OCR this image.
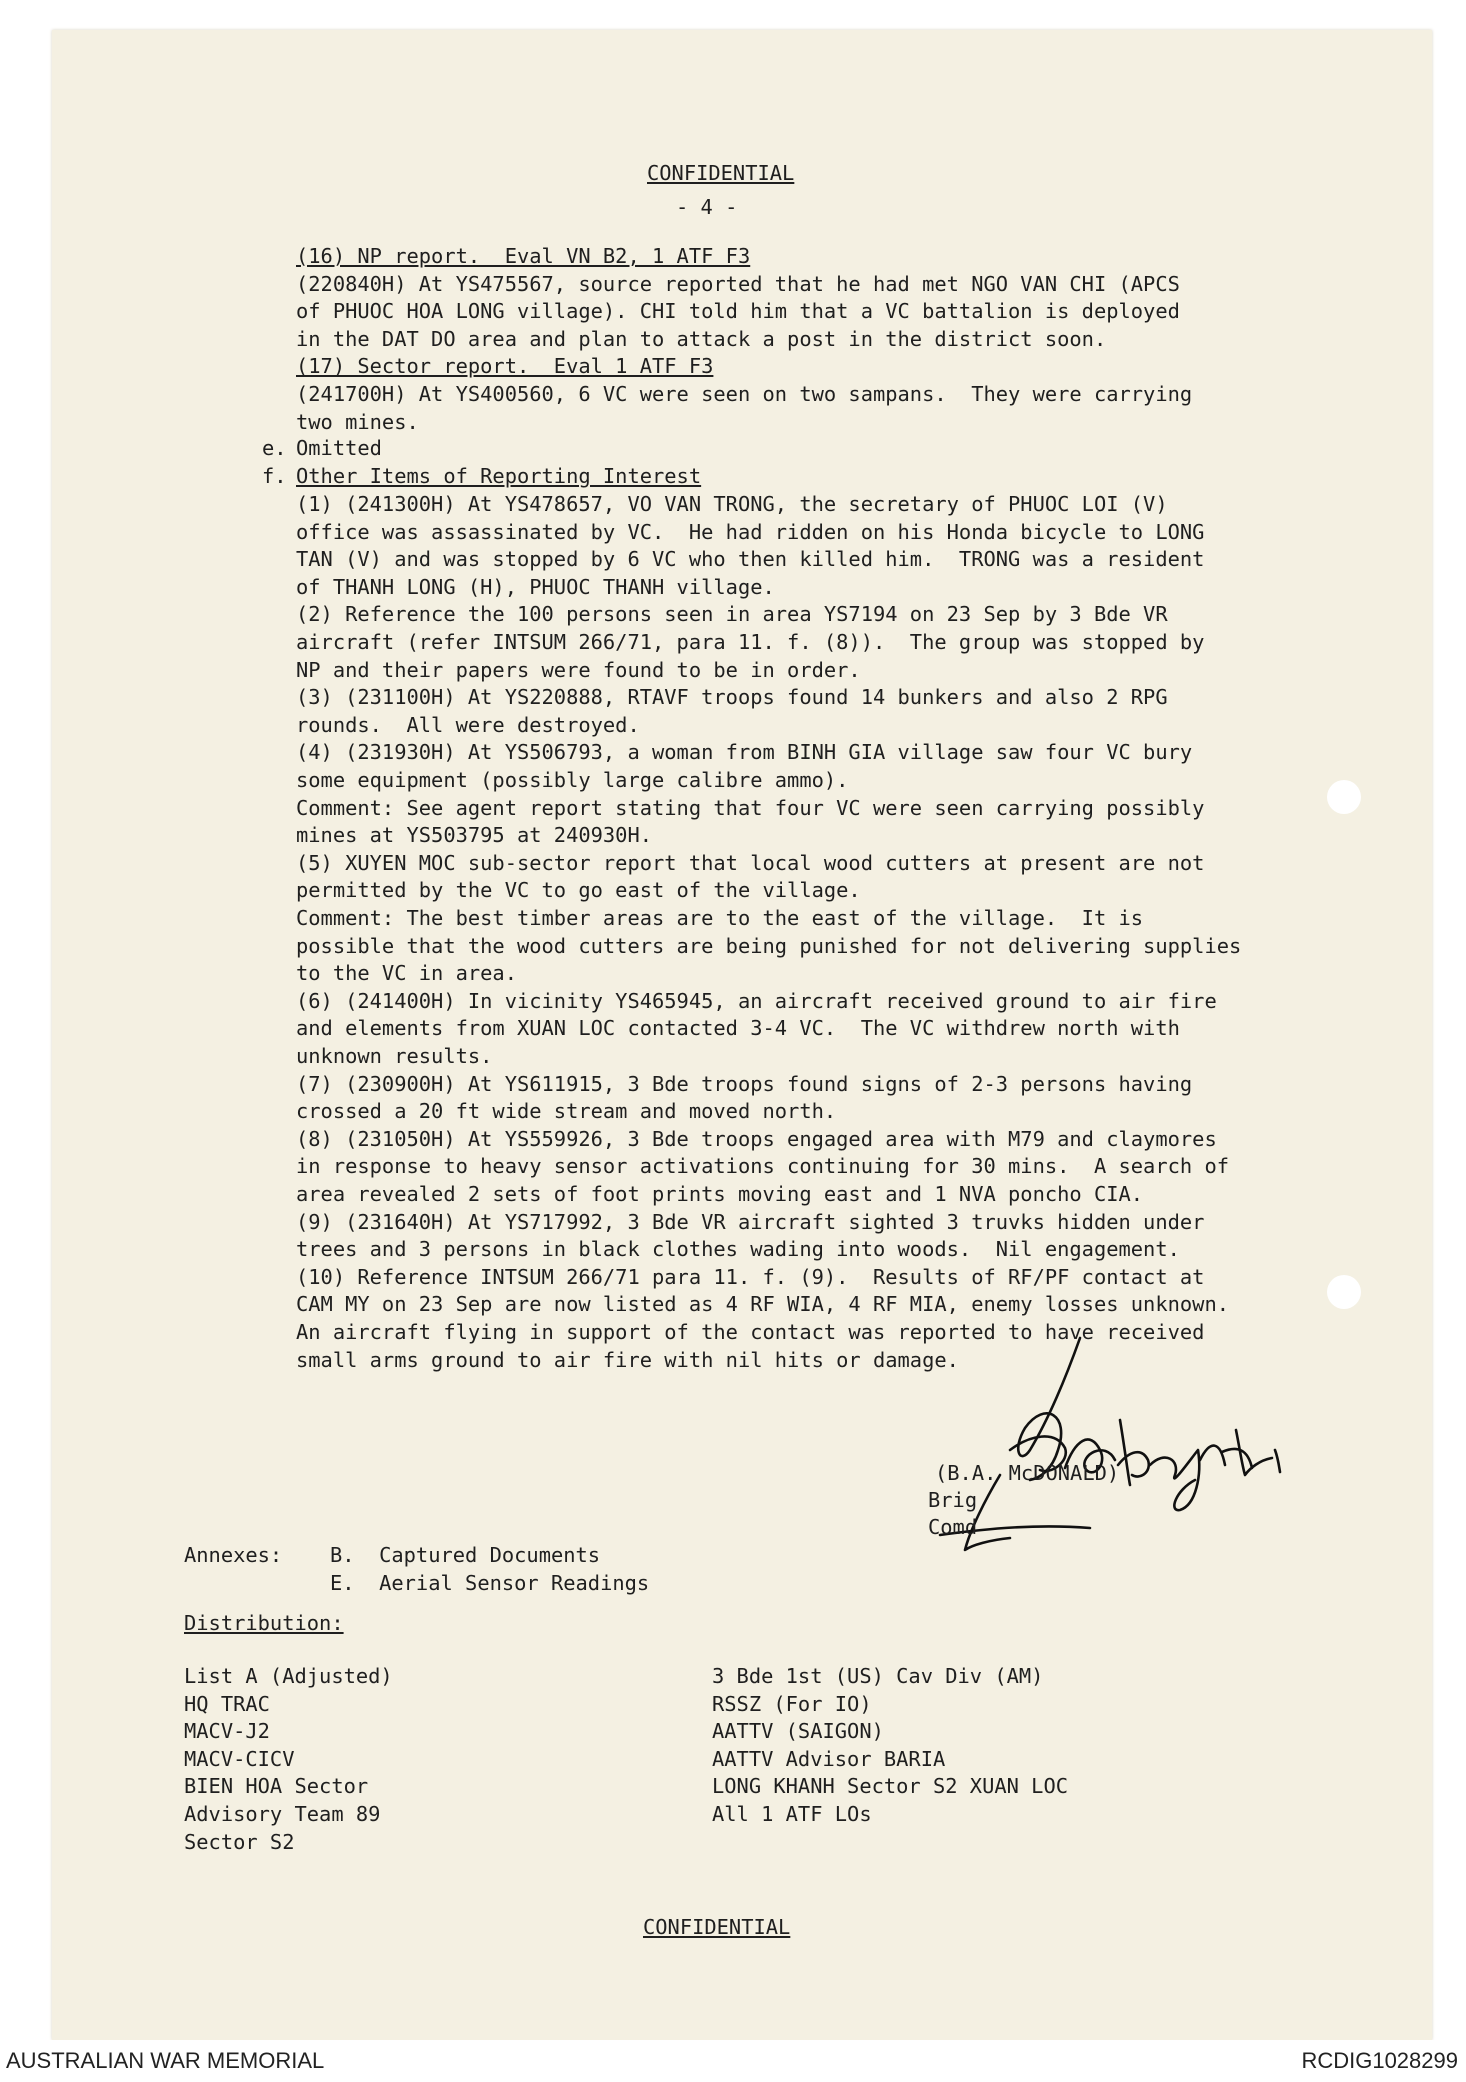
CONFIDENTIAL

- 4 -

(16) NP report.  Eval VN B2, 1 ATF F3

(220840H) At YS475567, source reported that he had met NGO VAN CHI (APCS

of PHUOC HOA LONG village). CHI told him that a VC battalion is deployed

in the DAT DO area and plan to attack a post in the district soon.

(17) Sector report.  Eval 1 ATF F3

(241700H) At YS400560, 6 VC were seen on two sampans.  They were carrying

two mines.

e. Omitted

f. Other Items of Reporting Interest

(1) (241300H) At YS478657, VO VAN TRONG, the secretary of PHUOC LOI (V)

office was assassinated by VC.  He had ridden on his Honda bicycle to LONG

TAN (V) and was stopped by 6 VC who then killed him.  TRONG was a resident

of THANH LONG (H), PHUOC THANH village.

(2) Reference the 100 persons seen in area YS7194 on 23 Sep by 3 Bde VR

aircraft (refer INTSUM 266/71, para 11. f. (8)).  The group was stopped by

NP and their papers were found to be in order.

(3) (231100H) At YS220888, RTAVF troops found 14 bunkers and also 2 RPG

rounds.  All were destroyed.

(4) (231930H) At YS506793, a woman from BINH GIA village saw four VC bury

some equipment (possibly large calibre ammo).

Comment: See agent report stating that four VC were seen carrying possibly

mines at YS503795 at 240930H.

(5) XUYEN MOC sub-sector report that local wood cutters at present are not

permitted by the VC to go east of the village.

Comment: The best timber areas are to the east of the village.  It is

possible that the wood cutters are being punished for not delivering supplies

to the VC in area.

(6) (241400H) In vicinity YS465945, an aircraft received ground to air fire

and elements from XUAN LOC contacted 3-4 VC.  The VC withdrew north with

unknown results.

(7) (230900H) At YS611915, 3 Bde troops found signs of 2-3 persons having

crossed a 20 ft wide stream and moved north.

(8) (231050H) At YS559926, 3 Bde troops engaged area with M79 and claymores

in response to heavy sensor activations continuing for 30 mins.  A search of

area revealed 2 sets of foot prints moving east and 1 NVA poncho CIA.

(9) (231640H) At YS717992, 3 Bde VR aircraft sighted 3 truvks hidden under

trees and 3 persons in black clothes wading into woods.  Nil engagement.

(10) Reference INTSUM 266/71 para 11. f. (9).  Results of RF/PF contact at

CAM MY on 23 Sep are now listed as 4 RF WIA, 4 RF MIA, enemy losses unknown.

An aircraft flying in support of the contact was reported to have received

small arms ground to air fire with nil hits or damage.

(B.A. McDONALD)

Brig

Comd

Annexes: B.  Captured Documents

E.  Aerial Sensor Readings

Distribution:

List A (Adjusted)

HQ TRAC

MACV-J2

MACV-CICV

BIEN HOA Sector

Advisory Team 89

Sector S2

3 Bde 1st (US) Cav Div (AM)

RSSZ (For IO)

AATTV (SAIGON)

AATTV Advisor BARIA

LONG KHANH Sector S2 XUAN LOC

All 1 ATF LOs

CONFIDENTIAL

AUSTRALIAN WAR MEMORIAL	RCDIG1028299
